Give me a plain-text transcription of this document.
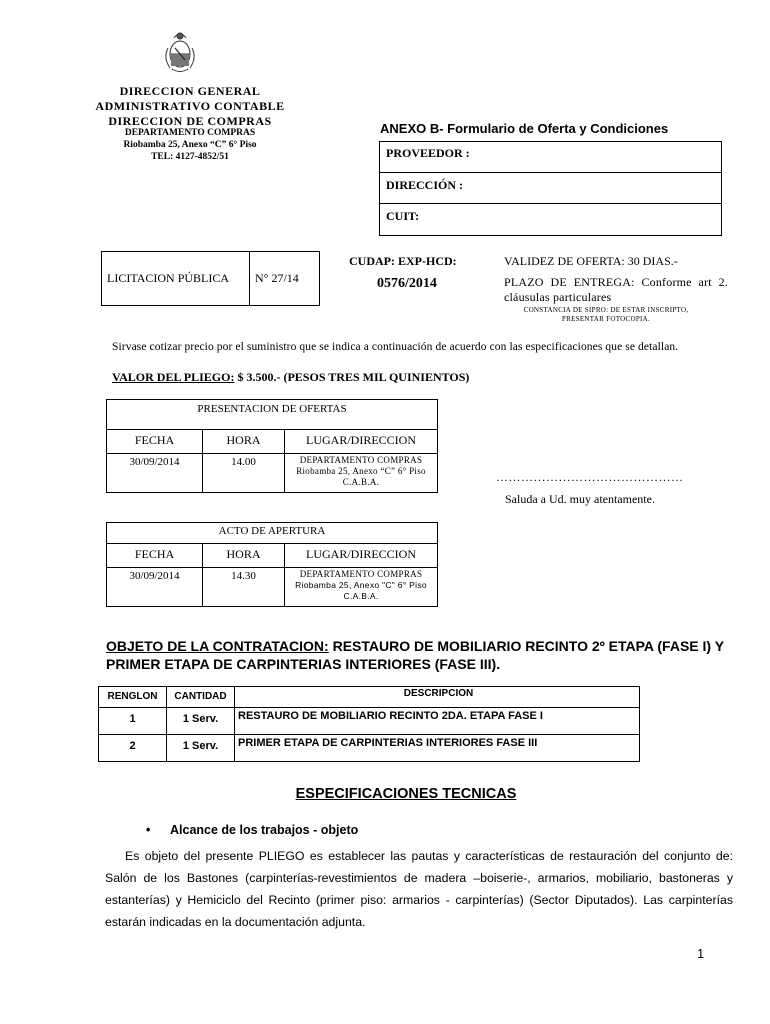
DIRECCION GENERAL
ADMINISTRATIVO CONTABLE
DIRECCION DE COMPRAS
DEPARTAMENTO COMPRAS
Riobamba 25, Anexo “C” 6° Piso
TEL: 4127-4852/51
ANEXO B- Formulario de Oferta y Condiciones
PROVEEDOR :
DIRECCIÓN :
CUIT:
LICITACION PÚBLICA	N° 27/14
CUDAP: EXP-HCD:
0576/2014
VALIDEZ DE OFERTA: 30 DIAS.-
PLAZO DE ENTREGA: Conforme art 2. cláusulas particulares
CONSTANCIA DE SIPRO: DE ESTAR INSCRIPTO,
PRESENTAR FOTOCOPIA.
Sirvase cotizar precio por el suministro que se indica a continuación de acuerdo con las especificaciones que se detallan.
VALOR DEL PLIEGO: $ 3.500.- (PESOS TRES MIL QUINIENTOS)
PRESENTACION DE OFERTAS
FECHA	HORA	LUGAR/DIRECCION
30/09/2014	14.00	DEPARTAMENTO COMPRAS
Riobamba 25, Anexo “C” 6° Piso
C.A.B.A.	………………………………………
Saluda a Ud. muy atentamente.
ACTO DE APERTURA
FECHA	HORA	LUGAR/DIRECCION
30/09/2014	14.30	DEPARTAMENTO COMPRAS
Riobamba 25, Anexo "C" 6° Piso
C.A.B.A.
OBJETO DE LA CONTRATACION: RESTAURO DE MOBILIARIO RECINTO 2º ETAPA (FASE I) Y PRIMER ETAPA DE CARPINTERIAS INTERIORES (FASE III).
RENGLON	CANTIDAD	DESCRIPCION
1	1 Serv.	RESTAURO DE MOBILIARIO RECINTO 2DA. ETAPA FASE I
2	1 Serv.	PRIMER ETAPA DE CARPINTERIAS INTERIORES FASE III
ESPECIFICACIONES TECNICAS
• Alcance de los trabajos - objeto
Es objeto del presente PLIEGO es establecer las pautas y características de restauración del conjunto de: Salón de los Bastones (carpinterías-revestimientos de madera –boiserie-, armarios, mobiliario, bastoneras y estanterías) y Hemiciclo del Recinto (primer piso: armarios - carpinterías) (Sector Diputados). Las carpinterías estarán indicadas en la documentación adjunta.
1
